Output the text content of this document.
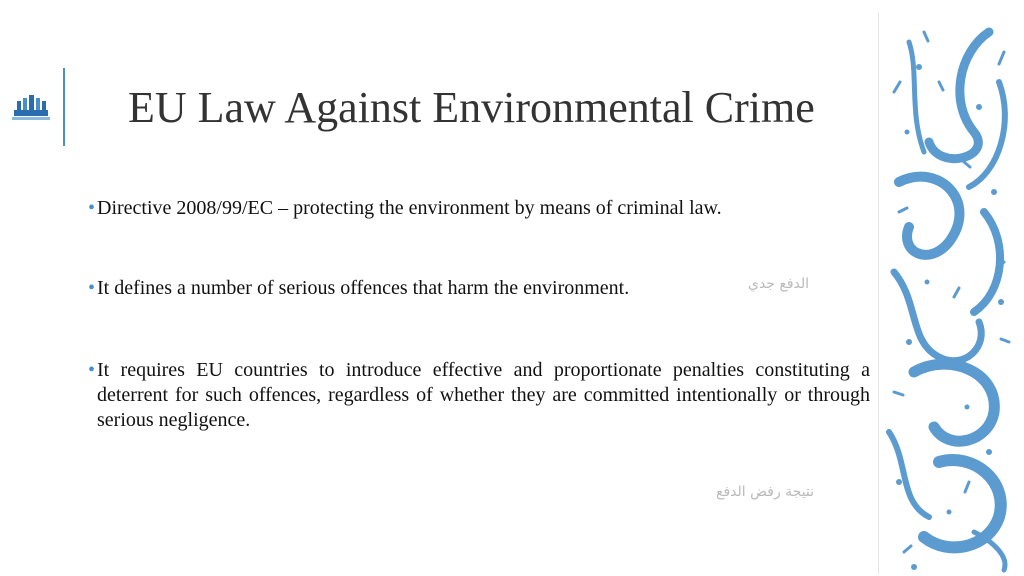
EU Law Against Environmental Crime
• Directive 2008/99/EC – protecting the environment by means of criminal law.
• It defines a number of serious offences that harm the environment.
• It requires EU countries to introduce effective and proportionate penalties constituting a deterrent for such offences, regardless of whether they are committed intentionally or through serious negligence.
الدفع جدي
نتيجة رفض الدفع
